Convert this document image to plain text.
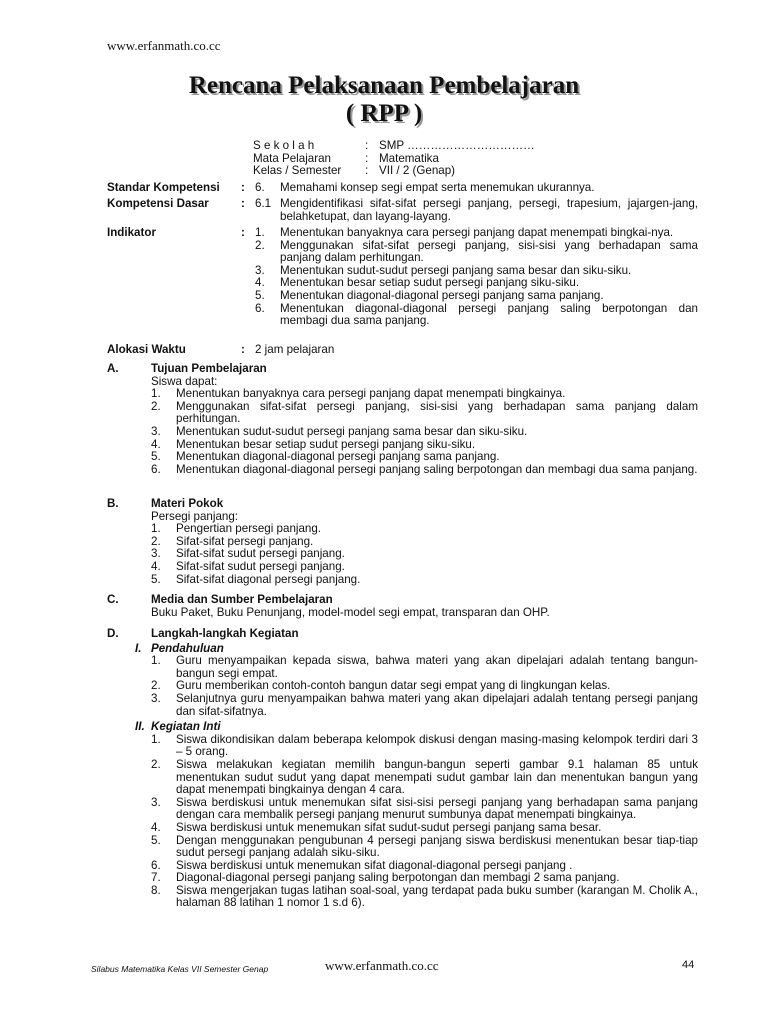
www.erfanmath.co.cc
Rencana Pelaksanaan Pembelajaran
( RPP )
S e k o l a h	: SMP ……………………………
Mata Pelajaran	: Matematika
Kelas / Semester	: VII / 2 (Genap)
Standar Kompetensi	: 6.	Memahami konsep segi empat serta menemukan ukurannya.
Kompetensi Dasar	: 6.1 Mengidentifikasi sifat-sifat persegi panjang, persegi, trapesium, jajargen-jang, belahketupat, dan layang-layang.
Indikator	: 1.	Menentukan banyaknya cara persegi panjang dapat menempati bingkai-nya.
2.	Menggunakan sifat-sifat persegi panjang, sisi-sisi yang berhadapan sama panjang dalam perhitungan.
3.	Menentukan sudut-sudut persegi panjang sama besar dan siku-siku.
4.	Menentukan besar setiap sudut persegi panjang siku-siku.
5.	Menentukan diagonal-diagonal persegi panjang sama panjang.
6.	Menentukan diagonal-diagonal persegi panjang saling berpotongan dan membagi dua sama panjang.
Alokasi Waktu	: 2 jam pelajaran
A.	Tujuan Pembelajaran
Siswa dapat:
1.	Menentukan banyaknya cara persegi panjang dapat menempati bingkainya.
2.	Menggunakan sifat-sifat persegi panjang, sisi-sisi yang berhadapan sama panjang dalam perhitungan.
3.	Menentukan sudut-sudut persegi panjang sama besar dan siku-siku.
4.	Menentukan besar setiap sudut persegi panjang siku-siku.
5.	Menentukan diagonal-diagonal persegi panjang sama panjang.
6.	Menentukan diagonal-diagonal persegi panjang saling berpotongan dan membagi dua sama panjang.
B.	Materi Pokok
Persegi panjang:
1.	Pengertian persegi panjang.
2.	Sifat-sifat persegi panjang.
3.	Sifat-sifat sudut persegi panjang.
4.	Sifat-sifat sudut persegi panjang.
5.	Sifat-sifat diagonal persegi panjang.
C.	Media dan Sumber Pembelajaran
Buku Paket, Buku Penunjang, model-model segi empat, transparan dan OHP.
D.	Langkah-langkah Kegiatan
I. Pendahuluan
1.	Guru menyampaikan kepada siswa, bahwa materi yang akan dipelajari adalah tentang bangun-bangun segi empat.
2.	Guru memberikan contoh-contoh bangun datar segi empat yang di lingkungan kelas.
3.	Selanjutnya guru menyampaikan bahwa materi yang akan dipelajari adalah tentang persegi panjang dan sifat-sifatnya.
II. Kegiatan Inti
1.	Siswa dikondisikan dalam beberapa kelompok diskusi dengan masing-masing kelompok terdiri dari 3 – 5 orang.
2.	Siswa melakukan kegiatan memilih bangun-bangun seperti gambar 9.1 halaman 85 untuk menentukan sudut sudut yang dapat menempati sudut gambar lain dan menentukan bangun yang dapat menempati bingkainya dengan 4 cara.
3.	Siswa berdiskusi untuk menemukan sifat sisi-sisi persegi panjang yang berhadapan sama panjang dengan cara membalik persegi panjang menurut sumbunya dapat menempati bingkainya.
4.	Siswa berdiskusi untuk menemukan sifat sudut-sudut persegi panjang sama besar.
5.	Dengan menggunakan pengubunan 4 persegi panjang siswa berdiskusi menentukan besar tiap-tiap sudut persegi panjang adalah siku-siku.
6.	Siswa berdiskusi untuk menemukan sifat diagonal-diagonal persegi panjang .
7.	Diagonal-diagonal persegi panjang saling berpotongan dan membagi 2 sama panjang.
8.	Siswa mengerjakan tugas latihan soal-soal, yang terdapat pada buku sumber (karangan M. Cholik A., halaman 88 latihan 1 nomor 1 s.d 6).
Silabus Matematika Kelas VII Semester Genap	www.erfanmath.co.cc	44
